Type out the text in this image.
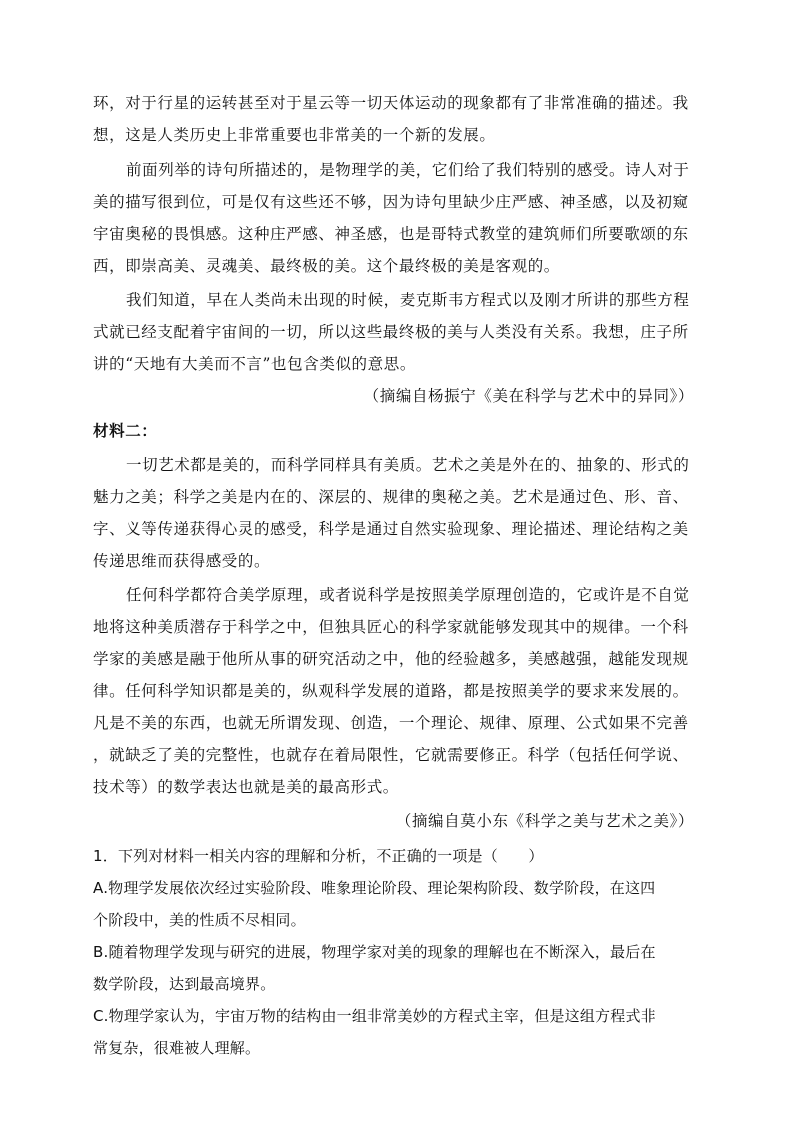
环，对于行星的运转甚至对于星云等一切天体运动的现象都有了非常准确的描述。我
想，这是人类历史上非常重要也非常美的一个新的发展。
前面列举的诗句所描述的，是物理学的美，它们给了我们特别的感受。诗人对于
美的描写很到位，可是仅有这些还不够，因为诗句里缺少庄严感、神圣感，以及初窥
宇宙奥秘的畏惧感。这种庄严感、神圣感，也是哥特式教堂的建筑师们所要歌颂的东
西，即崇高美、灵魂美、最终极的美。这个最终极的美是客观的。
我们知道，早在人类尚未出现的时候，麦克斯韦方程式以及刚才所讲的那些方程
式就已经支配着宇宙间的一切，所以这些最终极的美与人类没有关系。我想，庄子所
讲的“天地有大美而不言”也包含类似的意思。
（摘编自杨振宁《美在科学与艺术中的异同》）
材料二：
一切艺术都是美的，而科学同样具有美质。艺术之美是外在的、抽象的、形式的
魅力之美；科学之美是内在的、深层的、规律的奥秘之美。艺术是通过色、形、音、
字、义等传递获得心灵的感受，科学是通过自然实验现象、理论描述、理论结构之美
传递思维而获得感受的。
任何科学都符合美学原理，或者说科学是按照美学原理创造的，它或许是不自觉
地将这种美质潜存于科学之中，但独具匠心的科学家就能够发现其中的规律。一个科
学家的美感是融于他所从事的研究活动之中，他的经验越多，美感越强，越能发现规
律。任何科学知识都是美的，纵观科学发展的道路，都是按照美学的要求来发展的。
凡是不美的东西，也就无所谓发现、创造，一个理论、规律、原理、公式如果不完善
，就缺乏了美的完整性，也就存在着局限性，它就需要修正。科学（包括任何学说、
技术等）的数学表达也就是美的最高形式。
（摘编自莫小东《科学之美与艺术之美》）
1．下列对材料一相关内容的理解和分析，不正确的一项是（　　）
A.物理学发展依次经过实验阶段、唯象理论阶段、理论架构阶段、数学阶段，在这四
个阶段中，美的性质不尽相同。
B.随着物理学发现与研究的进展，物理学家对美的现象的理解也在不断深入，最后在
数学阶段，达到最高境界。
C.物理学家认为，宇宙万物的结构由一组非常美妙的方程式主宰，但是这组方程式非
常复杂，很难被人理解。
